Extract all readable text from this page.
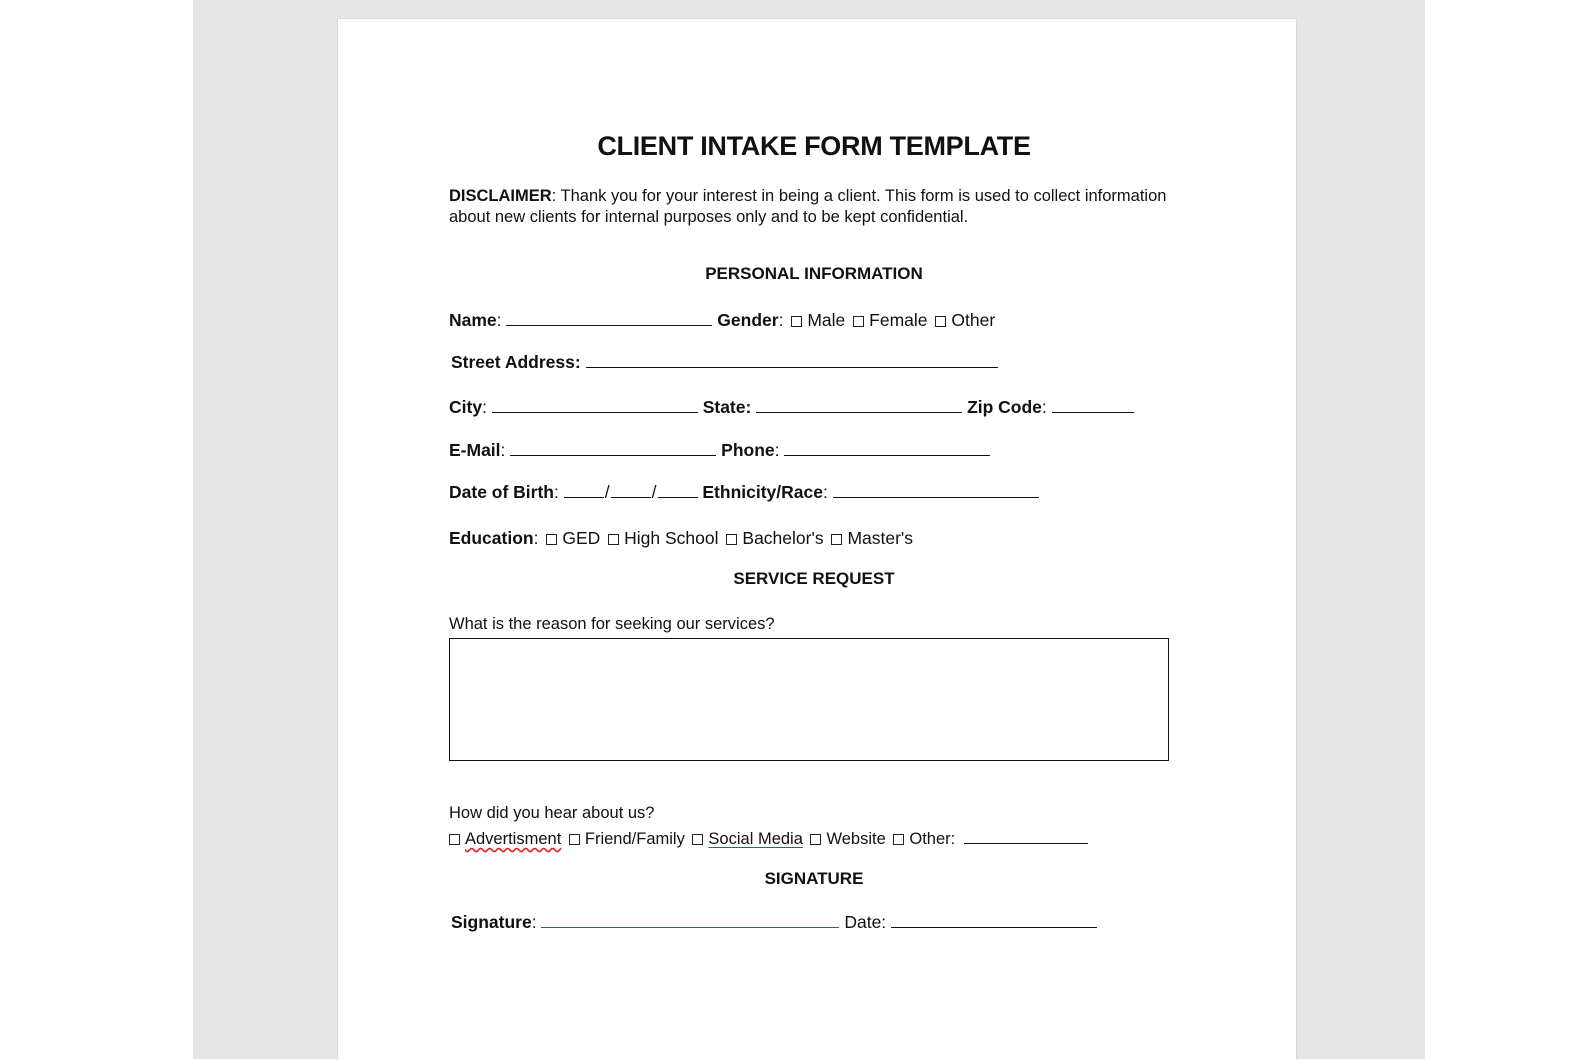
CLIENT INTAKE FORM TEMPLATE
DISCLAIMER: Thank you for your interest in being a client. This form is used to collect information about new clients for internal purposes only and to be kept confidential.
PERSONAL INFORMATION
Name:	Gender: Male Female Other
Street Address:
City:	State:	Zip Code:
E-Mail:	Phone:
Date of Birth:	/ /	Ethnicity/Race:
Education: GED High School Bachelor's Master's
SERVICE REQUEST
What is the reason for seeking our services?
How did you hear about us?
Advertisment Friend/Family Social Media Website Other:
SIGNATURE
Signature:	Date:
